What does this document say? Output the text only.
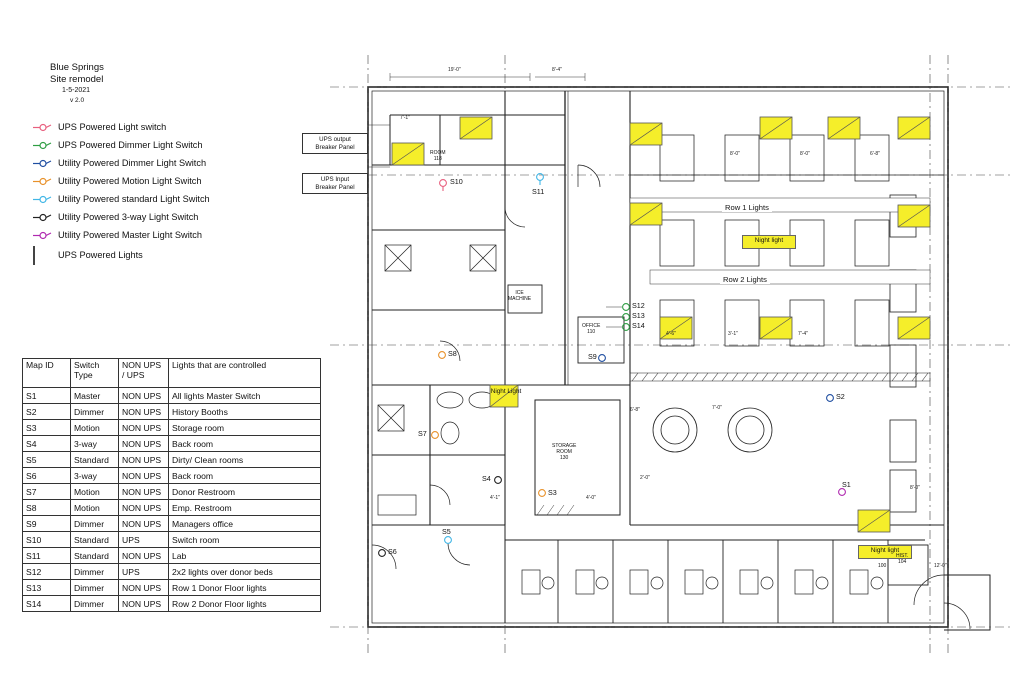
Blue Springs
Site remodel
1-5-2021
v 2.0
UPS Powered Light switch
UPS Powered Dimmer Light Switch
Utility Powered Dimmer Light Switch
Utility Powered Motion Light Switch
Utility Powered standard Light Switch
Utility Powered 3-way Light Switch
Utility Powered Master Light Switch
UPS Powered Lights
Map ID	Switch Type	NON UPS / UPS	Lights that are controlled
S1	Master	NON UPS	All lights Master Switch
S2	Dimmer	NON UPS	History Booths
S3	Motion	NON UPS	Storage room
S4	3-way	NON UPS	Back room
S5	Standard	NON UPS	Dirty/ Clean rooms
S6	3-way	NON UPS	Back room
S7	Motion	NON UPS	Donor Restroom
S8	Motion	NON UPS	Emp. Restroom
S9	Dimmer	NON UPS	Managers office
S10	Standard	UPS	Switch room
S11	Standard	NON UPS	Lab
S12	Dimmer	UPS	2x2 lights over donor beds
S13	Dimmer	NON UPS	Row 1 Donor Floor lights
S14	Dimmer	NON UPS	Row 2 Donor Floor lights
UPS output
Breaker Panel
UPS Input
Breaker Panel
Row 1 Lights
Row 2 Lights
Night light
Night Light
Night light
S10
S11
S12
S13
S14
S9
S8
S7
S4
S3
S5
S6
S2
S1
ROOM
118
ICE
MACHINE
OFFICE
110
STORAGE
ROOM
130
HIST.
104
100
19'-0"	8'-4"
7'-1"
8'-0"	8'-0"	6'-8"
4'-6"	3'-1"	7'-4"
6'-8"	7'-0"
2'-0"
8'-0"
4'-0"
4'-1"
12'-0"
